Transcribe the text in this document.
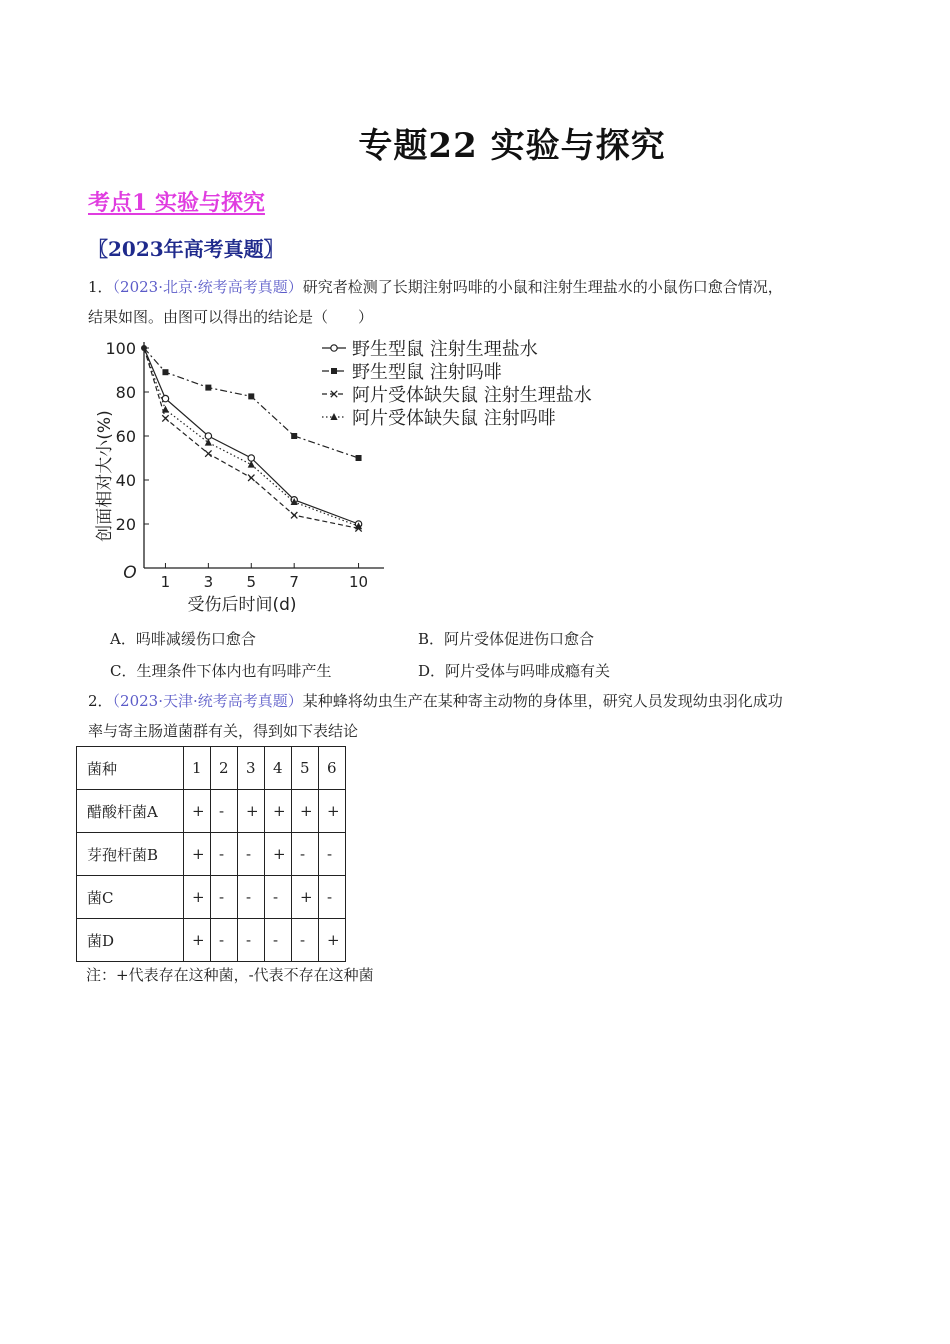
专题22 实验与探究
考点1 实验与探究
〖2023年高考真题〗
1．（2023·北京·统考高考真题）研究者检测了长期注射吗啡的小鼠和注射生理盐水的小鼠伤口愈合情况，
结果如图。由图可以得出的结论是（　　）
野生型鼠 注射生理盐水
野生型鼠 注射吗啡
阿片受体缺失鼠 注射生理盐水
阿片受体缺失鼠 注射吗啡
20
40
60
80
100
1 3 5 7	10
O
受伤后时间(d)
创面相对大小(%)
A．吗啡减缓伤口愈合	B．阿片受体促进伤口愈合
C．生理条件下体内也有吗啡产生	D．阿片受体与吗啡成瘾有关
2．（2023·天津·统考高考真题）某种蜂将幼虫生产在某种寄主动物的身体里，研究人员发现幼虫羽化成功
率与寄主肠道菌群有关，得到如下表结论
菌种	1	2	3	4	5	6
醋酸杆菌A	+	-	+	+	+	+
芽孢杆菌B	+	-	-	+	-	-
菌C	+	-	-	-	+	-
菌D	+	-	-	-	-	+
注：+代表存在这种菌，-代表不存在这种菌
